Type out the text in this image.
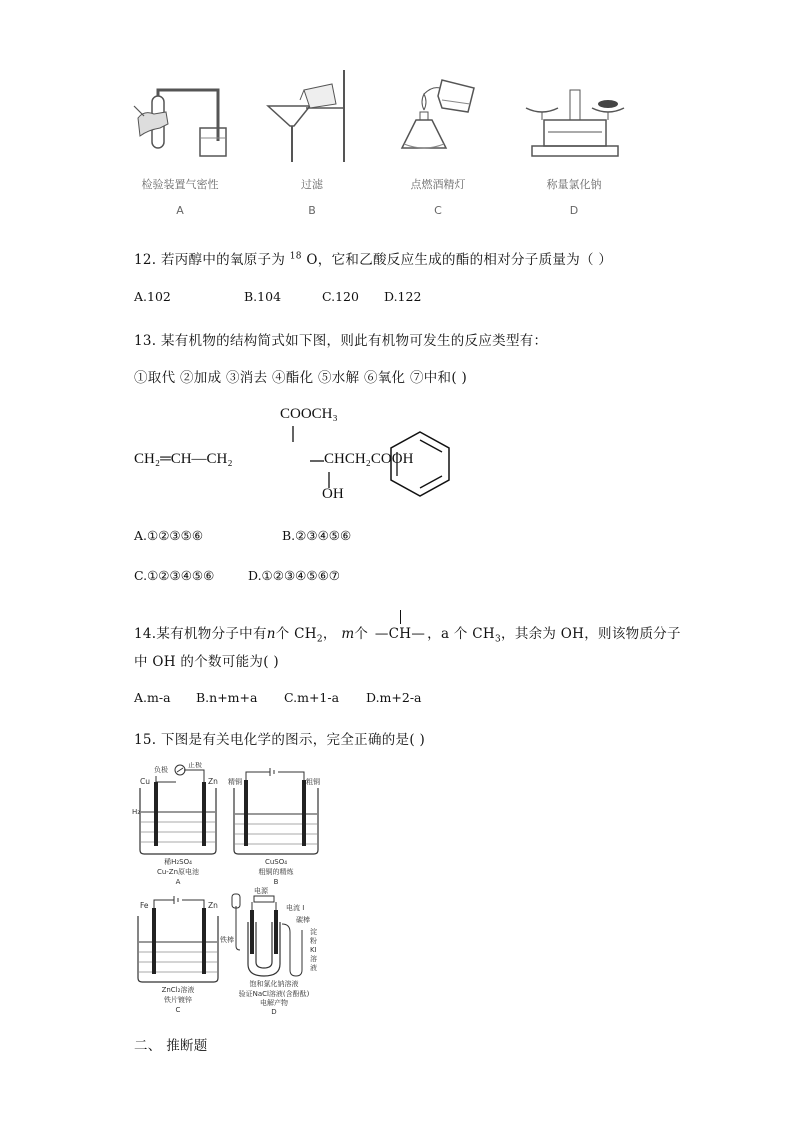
检验装置气密性	过滤	点燃酒精灯	称量氯化钠
A	B	C	D
12. 若丙醇中的氧原子为 $^{18}$ O，它和乙酸反应生成的酯的相对分子质量为（ ）
A.102	B.104	C.120 D.122
13. 某有机物的结构简式如下图，则此有机物可发生的反应类型有：
①取代 ②加成 ③消去 ④酯化 ⑤水解 ⑥氧化 ⑦中和( )
COOCH₃
CH₂═CH—CH₂	CHCH₂COOH
OH
A.①②③⑤⑥	B.②③④⑤⑥
C.①②③④⑤⑥	D.①②③④⑤⑥⑦
14.某有机物分子中有n个 $CH_2$， m个 —CH— ，a 个 $CH_3$，其余为 OH，则该物质分子
中 OH 的个数可能为( )
A.m-a B.n+m+a C.m+1-a D.m+2-a
15. 下图是有关电化学的图示，完全正确的是( )
负极
正极
Cu	Zn
H₂
稀H₂SO₄
Cu-Zn原电池
A
精铜	粗铜
CuSO₄
粗铜的精炼
B
Fe	Zn
ZnCl₂溶液
铁片镀锌
C
电源
电流 I
碳棒
铁棒
淀
粉
KI
溶
液
饱和氯化钠溶液
验证NaCl溶液(含酚酞)
电解产物
D
二、 推断题
